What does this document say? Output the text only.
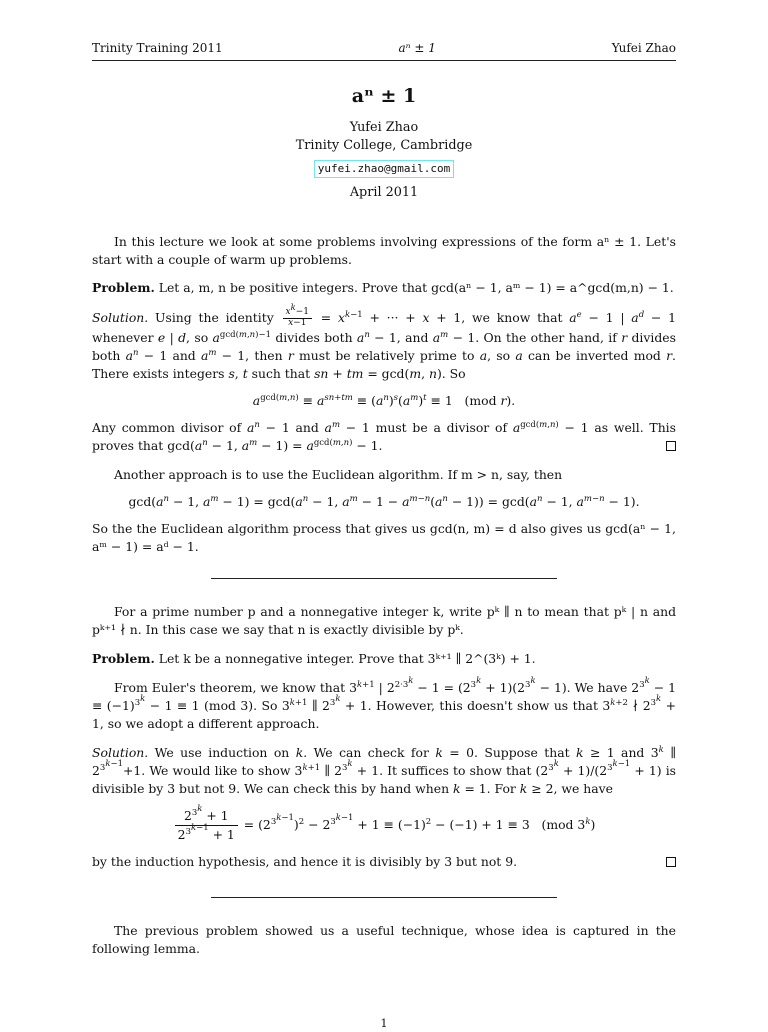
Trinity Training 2011	aⁿ ± 1	Yufei Zhao
aⁿ ± 1
Yufei Zhao
Trinity College, Cambridge
yufei.zhao@gmail.com
April 2011

In this lecture we look at some problems involving expressions of the form aⁿ ± 1. Let's start with a couple of warm up problems.

Problem. Let a, m, n be positive integers. Prove that gcd(aⁿ − 1, aᵐ − 1) = a^gcd(m,n) − 1.

Solution. Using the identity $\frac{x^k-1}{x-1} = x^{k-1}$ + ··· + x + 1, we know that $a^e - 1$ | $a^d - 1$ whenever e | d, so $a^{gcd(m,n)-1}$ divides both $a^n - 1$, and $a^m - 1$. On the other hand, if r divides both $a^n - 1$ and $a^m - 1$, then r must be relatively prime to a, so a can be inverted mod r. There exists integers s, t such that sn + tm = gcd(m, n). So

$a^{gcd(m,n)} \equiv a^{sn+tm} \equiv (a^n)^s(a^m)^t \equiv 1$   (mod r).

Any common divisor of $a^n - 1$ and $a^m - 1$ must be a divisor of $a^{gcd(m,n)} - 1$ as well. This proves that $\gcd(a^n - 1$, $a^m - 1) = a^{gcd(m,n)} - 1$.

Another approach is to use the Euclidean algorithm. If m > n, say, then

$\gcd(a^n - 1$, $a^m - 1) = \gcd(a^n - 1$, $a^m - 1 - a^{m-n}(a^n - 1)) = \gcd(a^n - 1$, $a^{m-n} - 1$).

So the the Euclidean algorithm process that gives us gcd(n, m) = d also gives us gcd(aⁿ − 1, aᵐ − 1) = aᵈ − 1.

For a prime number p and a nonnegative integer k, write pᵏ ∥ n to mean that pᵏ | n and pᵏ⁺¹ ∤ n. In this case we say that n is exactly divisible by pᵏ.

Problem. Let k be a nonnegative integer. Prove that 3ᵏ⁺¹ ∥ 2^(3ᵏ) + 1.

From Euler's theorem, we know that $3^{k+1}$ | $2^{2\cdot 3^k} - 1 = (2^{3^k} + 1)(2^{3^k} - 1)$. We have $2^{3^k} - 1 \equiv (-1)^{3^k} - 1 \equiv 1$ (mod 3). So $3^{k+1}$ ∥ $2^{3^k} + 1$. However, this doesn't show us that $3^{k+2}$ ∤ $2^{3^k} + 1$, so we adopt a different approach.

Solution. We use induction on k. We can check for k = 0. Suppose that k ≥ 1 and 3$^k$ ∥ $2^{3^{k-1}}+1$. We would like to show $3^{k+1}$ ∥ $2^{3^k} + 1$. It suffices to show that $(2^{3^k} + 1)/(2^{3^{k-1}} + 1)$ is divisible by 3 but not 9. We can check this by hand when k = 1. For k ≥ 2, we have

$\frac{2^{3^k} + 1}{2^{3^{k-1}} + 1} = (2^{3^{k-1}})^2 - 2^{3^{k-1}} + 1 \equiv (-1)^2 - (-1) + 1 \equiv 3$   (mod 3$^k$)

by the induction hypothesis, and hence it is divisibly by 3 but not 9.

The previous problem showed us a useful technique, whose idea is captured in the following lemma.

1
